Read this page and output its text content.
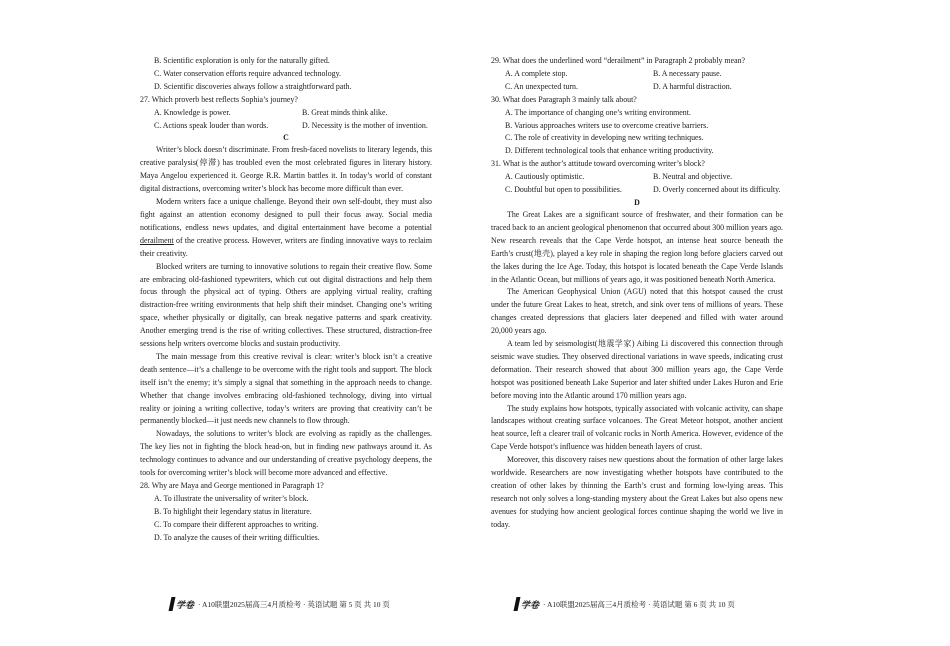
B. Scientific exploration is only for the naturally gifted.
C. Water conservation efforts require advanced technology.
D. Scientific discoveries always follow a straightforward path.
27. Which proverb best reflects Sophia’s journey?
A. Knowledge is power.	B. Great minds think alike.
C. Actions speak louder than words.	D. Necessity is the mother of invention.
C
Writer’s block doesn’t discriminate. From fresh-faced novelists to literary legends, this creative paralysis(停滞) has troubled even the most celebrated figures in literary history. Maya Angelou experienced it. George R.R. Martin battles it. In today’s world of constant digital distractions, overcoming writer’s block has become more difficult than ever.
Modern writers face a unique challenge. Beyond their own self-doubt, they must also fight against an attention economy designed to pull their focus away. Social media notifications, endless news updates, and digital entertainment have become a potential derailment of the creative process. However, writers are finding innovative ways to reclaim their creativity.
Blocked writers are turning to innovative solutions to regain their creative flow. Some are embracing old-fashioned typewriters, which cut out digital distractions and help them focus through the physical act of typing. Others are applying virtual reality, crafting distraction-free writing environments that help shift their mindset. Changing one’s writing space, whether physically or digitally, can break negative patterns and spark creativity. Another emerging trend is the rise of writing collectives. These structured, distraction-free sessions help writers overcome blocks and sustain productivity.
The main message from this creative revival is clear: writer’s block isn’t a creative death sentence—it’s a challenge to be overcome with the right tools and support. The block itself isn’t the enemy; it’s simply a signal that something in the approach needs to change. Whether that change involves embracing old-fashioned technology, diving into virtual reality or joining a writing collective, today’s writers are proving that creativity can’t be permanently blocked—it just needs new channels to flow through.
Nowadays, the solutions to writer’s block are evolving as rapidly as the challenges. The key lies not in fighting the block head-on, but in finding new pathways around it. As technology continues to advance and our understanding of creative psychology deepens, the tools for overcoming writer’s block will become more advanced and effective.
28. Why are Maya and George mentioned in Paragraph 1?
A. To illustrate the universality of writer’s block.
B. To highlight their legendary status in literature.
C. To compare their different approaches to writing.
D. To analyze the causes of their writing difficulties.
29. What does the underlined word “derailment” in Paragraph 2 probably mean?
A. A complete stop.	B. A necessary pause.
C. An unexpected turn.	D. A harmful distraction.
30. What does Paragraph 3 mainly talk about?
A. The importance of changing one’s writing environment.
B. Various approaches writers use to overcome creative barriers.
C. The role of creativity in developing new writing techniques.
D. Different technological tools that enhance writing productivity.
31. What is the author’s attitude toward overcoming writer’s block?
A. Cautiously optimistic.	B. Neutral and objective.
C. Doubtful but open to possibilities.	D. Overly concerned about its difficulty.
D
The Great Lakes are a significant source of freshwater, and their formation can be traced back to an ancient geological phenomenon that occurred about 300 million years ago. New research reveals that the Cape Verde hotspot, an intense heat source beneath the Earth’s crust(地壳), played a key role in shaping the region long before glaciers carved out the lakes during the Ice Age. Today, this hotspot is located beneath the Cape Verde Islands in the Atlantic Ocean, but millions of years ago, it was positioned beneath North America.
The American Geophysical Union (AGU) noted that this hotspot caused the crust under the future Great Lakes to heat, stretch, and sink over tens of millions of years. These changes created depressions that glaciers later deepened and filled with water around 20,000 years ago.
A team led by seismologist(地震学家) Aibing Li discovered this connection through seismic wave studies. They observed directional variations in wave speeds, indicating crust deformation. Their research showed that about 300 million years ago, the Cape Verde hotspot was positioned beneath Lake Superior and later shifted under Lakes Huron and Erie before moving into the Atlantic around 170 million years ago.
The study explains how hotspots, typically associated with volcanic activity, can shape landscapes without creating surface volcanoes. The Great Meteor hotspot, another ancient heat source, left a clearer trail of volcanic rocks in North America. However, evidence of the Cape Verde hotspot’s influence was hidden beneath layers of crust.
Moreover, this discovery raises new questions about the formation of other large lakes worldwide. Researchers are now investigating whether hotspots have contributed to the creation of other lakes by thinning the Earth’s crust and forming low-lying areas. This research not only solves a long-standing mystery about the Great Lakes but also opens new avenues for studying how ancient geological forces continue shaping the world we live in today.
学卷 · A10联盟2025届高三4月质检考 · 英语试题 第 5 页 共 10 页	学卷 · A10联盟2025届高三4月质检考 · 英语试题 第 6 页 共 10 页
